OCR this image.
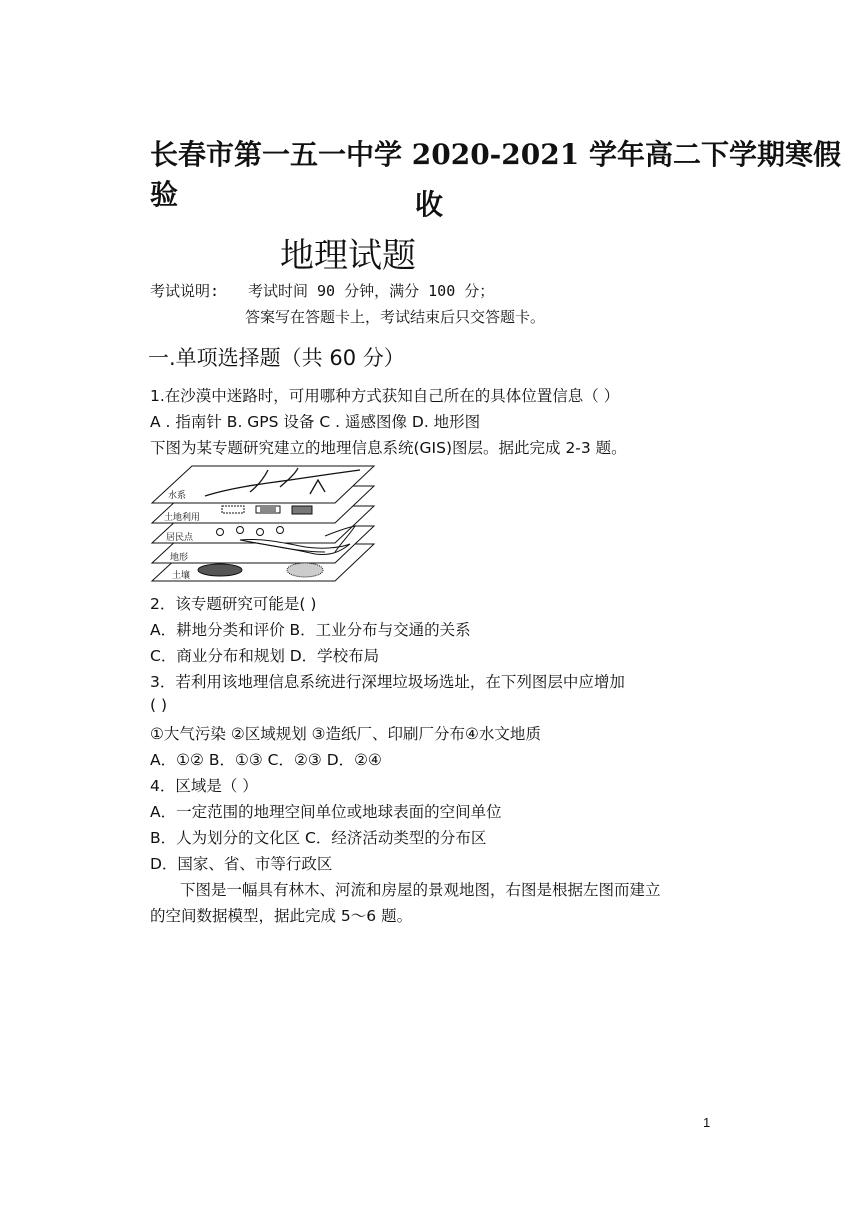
长春市第一五一中学 2020-2021 学年高二下学期寒假验	收
地理试题
考试说明: 考试时间 90 分钟，满分 100 分；
答案写在答题卡上，考试结束后只交答题卡。
一.单项选择题（共 60 分）
1.在沙漠中迷路时，可用哪种方式获知自己所在的具体位置信息（ ）
A . 指南针 B. GPS 设备 C . 遥感图像 D. 地形图
下图为某专题研究建立的地理信息系统(GIS)图层。据此完成 2-3 题。
水系
土地利用
居民点
地形
土壤
2．该专题研究可能是( )
A．耕地分类和评价 B．工业分布与交通的关系
C．商业分布和规划 D．学校布局
3．若利用该地理信息系统进行深埋垃圾场选址，在下列图层中应增加
( )
①大气污染 ②区域规划 ③造纸厂、印刷厂分布④水文地质
A．①② B．①③ C．②③ D．②④
4．区域是（ ）
A．一定范围的地理空间单位或地球表面的空间单位
B．人为划分的文化区 C．经济活动类型的分布区
D．国家、省、市等行政区
下图是一幅具有林木、河流和房屋的景观地图，右图是根据左图而建立
的空间数据模型，据此完成 5～6 题。
1
